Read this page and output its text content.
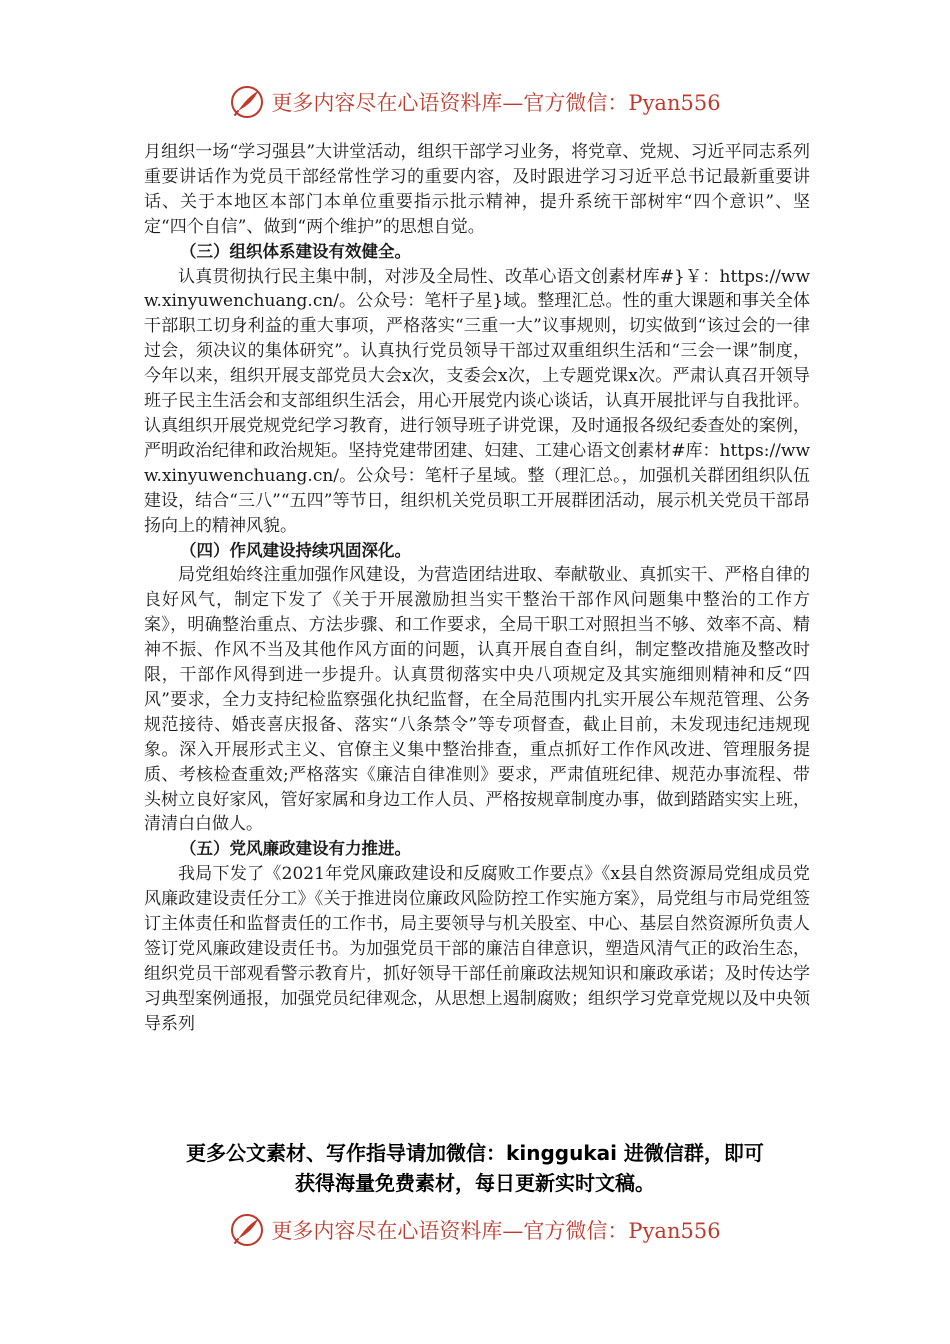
更多内容尽在心语资料库—官方微信：Pyan556

月组织一场“学习强县”大讲堂活动，组织干部学习业务，将党章、党规、习近平同志系列重要讲话作为党员干部经常性学习的重要内容，及时跟进学习习近平总书记最新重要讲话、关于本地区本部门本单位重要指示批示精神，提升系统干部树牢“四个意识”、坚定“四个自信”、做到“两个维护”的思想自觉。

（三）组织体系建设有效健全。

认真贯彻执行民主集中制，对涉及全局性、改革心语文创素材库#}￥：https://www.xinyuwenchuang.cn/。公众号：笔杆子星}域。整理汇总。性的重大课题和事关全体干部职工切身利益的重大事项，严格落实“三重一大”议事规则，切实做到“该过会的一律过会，须决议的集体研究”。认真执行党员领导干部过双重组织生活和“三会一课”制度，今年以来，组织开展支部党员大会x次，支委会x次，上专题党课x次。严肃认真召开领导班子民主生活会和支部组织生活会，用心开展党内谈心谈话，认真开展批评与自我批评。认真组织开展党规党纪学习教育，进行领导班子讲党课，及时通报各级纪委查处的案例，严明政治纪律和政治规矩。坚持党建带团建、妇建、工建心语文创素材#库：https://www.xinyuwenchuang.cn/。公众号：笔杆子星域。整（理汇总。，加强机关群团组织队伍建设，结合“三八”“五四”等节日，组织机关党员职工开展群团活动，展示机关党员干部昂扬向上的精神风貌。

（四）作风建设持续巩固深化。

局党组始终注重加强作风建设，为营造团结进取、奉献敬业、真抓实干、严格自律的良好风气，制定下发了《关于开展激励担当实干整治干部作风问题集中整治的工作方案》，明确整治重点、方法步骤、和工作要求，全局干职工对照担当不够、效率不高、精神不振、作风不当及其他作风方面的问题，认真开展自查自纠，制定整改措施及整改时限，干部作风得到进一步提升。认真贯彻落实中央八项规定及其实施细则精神和反“四风”要求，全力支持纪检监察强化执纪监督，在全局范围内扎实开展公车规范管理、公务规范接待、婚丧喜庆报备、落实“八条禁令”等专项督查，截止目前，未发现违纪违规现象。深入开展形式主义、官僚主义集中整治排查，重点抓好工作作风改进、管理服务提质、考核检查重效;严格落实《廉洁自律准则》要求，严肃值班纪律、规范办事流程、带头树立良好家风，管好家属和身边工作人员、严格按规章制度办事，做到踏踏实实上班，清清白白做人。

（五）党风廉政建设有力推进。

我局下发了《2021年党风廉政建设和反腐败工作要点》《x县自然资源局党组成员党风廉政建设责任分工》《关于推进岗位廉政风险防控工作实施方案》，局党组与市局党组签订主体责任和监督责任的工作书，局主要领导与机关股室、中心、基层自然资源所负责人签订党风廉政建设责任书。为加强党员干部的廉洁自律意识，塑造风清气正的政治生态，组织党员干部观看警示教育片，抓好领导干部任前廉政法规知识和廉政承诺；及时传达学习典型案例通报，加强党员纪律观念，从思想上遏制腐败；组织学习党章党规以及中央领导系列

更多公文素材、写作指导请加微信：kinggukai 进微信群，即可
获得海量免费素材，每日更新实时文稿。
更多内容尽在心语资料库—官方微信：Pyan556
